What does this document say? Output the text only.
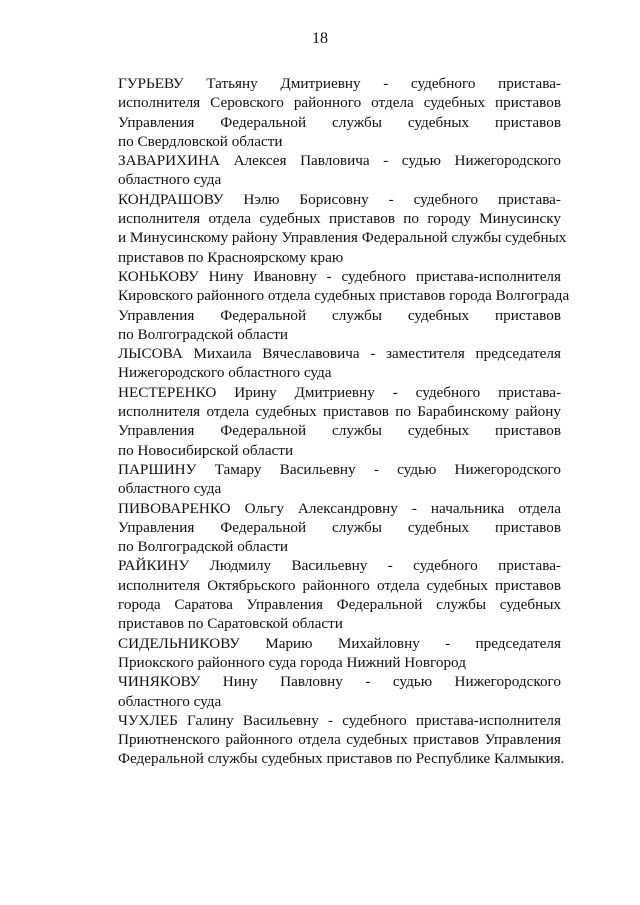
18

ГУРЬЕВУ Татьяну Дмитриевну - судебного пристава-
исполнителя Серовского районного отдела судебных приставов
Управления Федеральной службы судебных приставов
по Свердловской области

ЗАВАРИХИНА Алексея Павловича - судью Нижегородского
областного суда

КОНДРАШОВУ Нэлю Борисовну - судебного пристава-
исполнителя отдела судебных приставов по городу Минусинску
и Минусинскому району Управления Федеральной службы судебных
приставов по Красноярскому краю

КОНЬКОВУ Нину Ивановну - судебного пристава-исполнителя
Кировского районного отдела судебных приставов города Волгограда
Управления Федеральной службы судебных приставов
по Волгоградской области

ЛЫСОВА Михаила Вячеславовича - заместителя председателя
Нижегородского областного суда

НЕСТЕРЕНКО Ирину Дмитриевну - судебного пристава-
исполнителя отдела судебных приставов по Барабинскому району
Управления Федеральной службы судебных приставов
по Новосибирской области

ПАРШИНУ Тамару Васильевну - судью Нижегородского
областного суда

ПИВОВАРЕНКО Ольгу Александровну - начальника отдела
Управления Федеральной службы судебных приставов
по Волгоградской области

РАЙКИНУ Людмилу Васильевну - судебного пристава-
исполнителя Октябрьского районного отдела судебных приставов
города Саратова Управления Федеральной службы судебных
приставов по Саратовской области

СИДЕЛЬНИКОВУ Марию Михайловну - председателя
Приокского районного суда города Нижний Новгород

ЧИНЯКОВУ Нину Павловну - судью Нижегородского
областного суда

ЧУХЛЕБ Галину Васильевну - судебного пристава-исполнителя
Приютненского районного отдела судебных приставов Управления
Федеральной службы судебных приставов по Республике Калмыкия.
